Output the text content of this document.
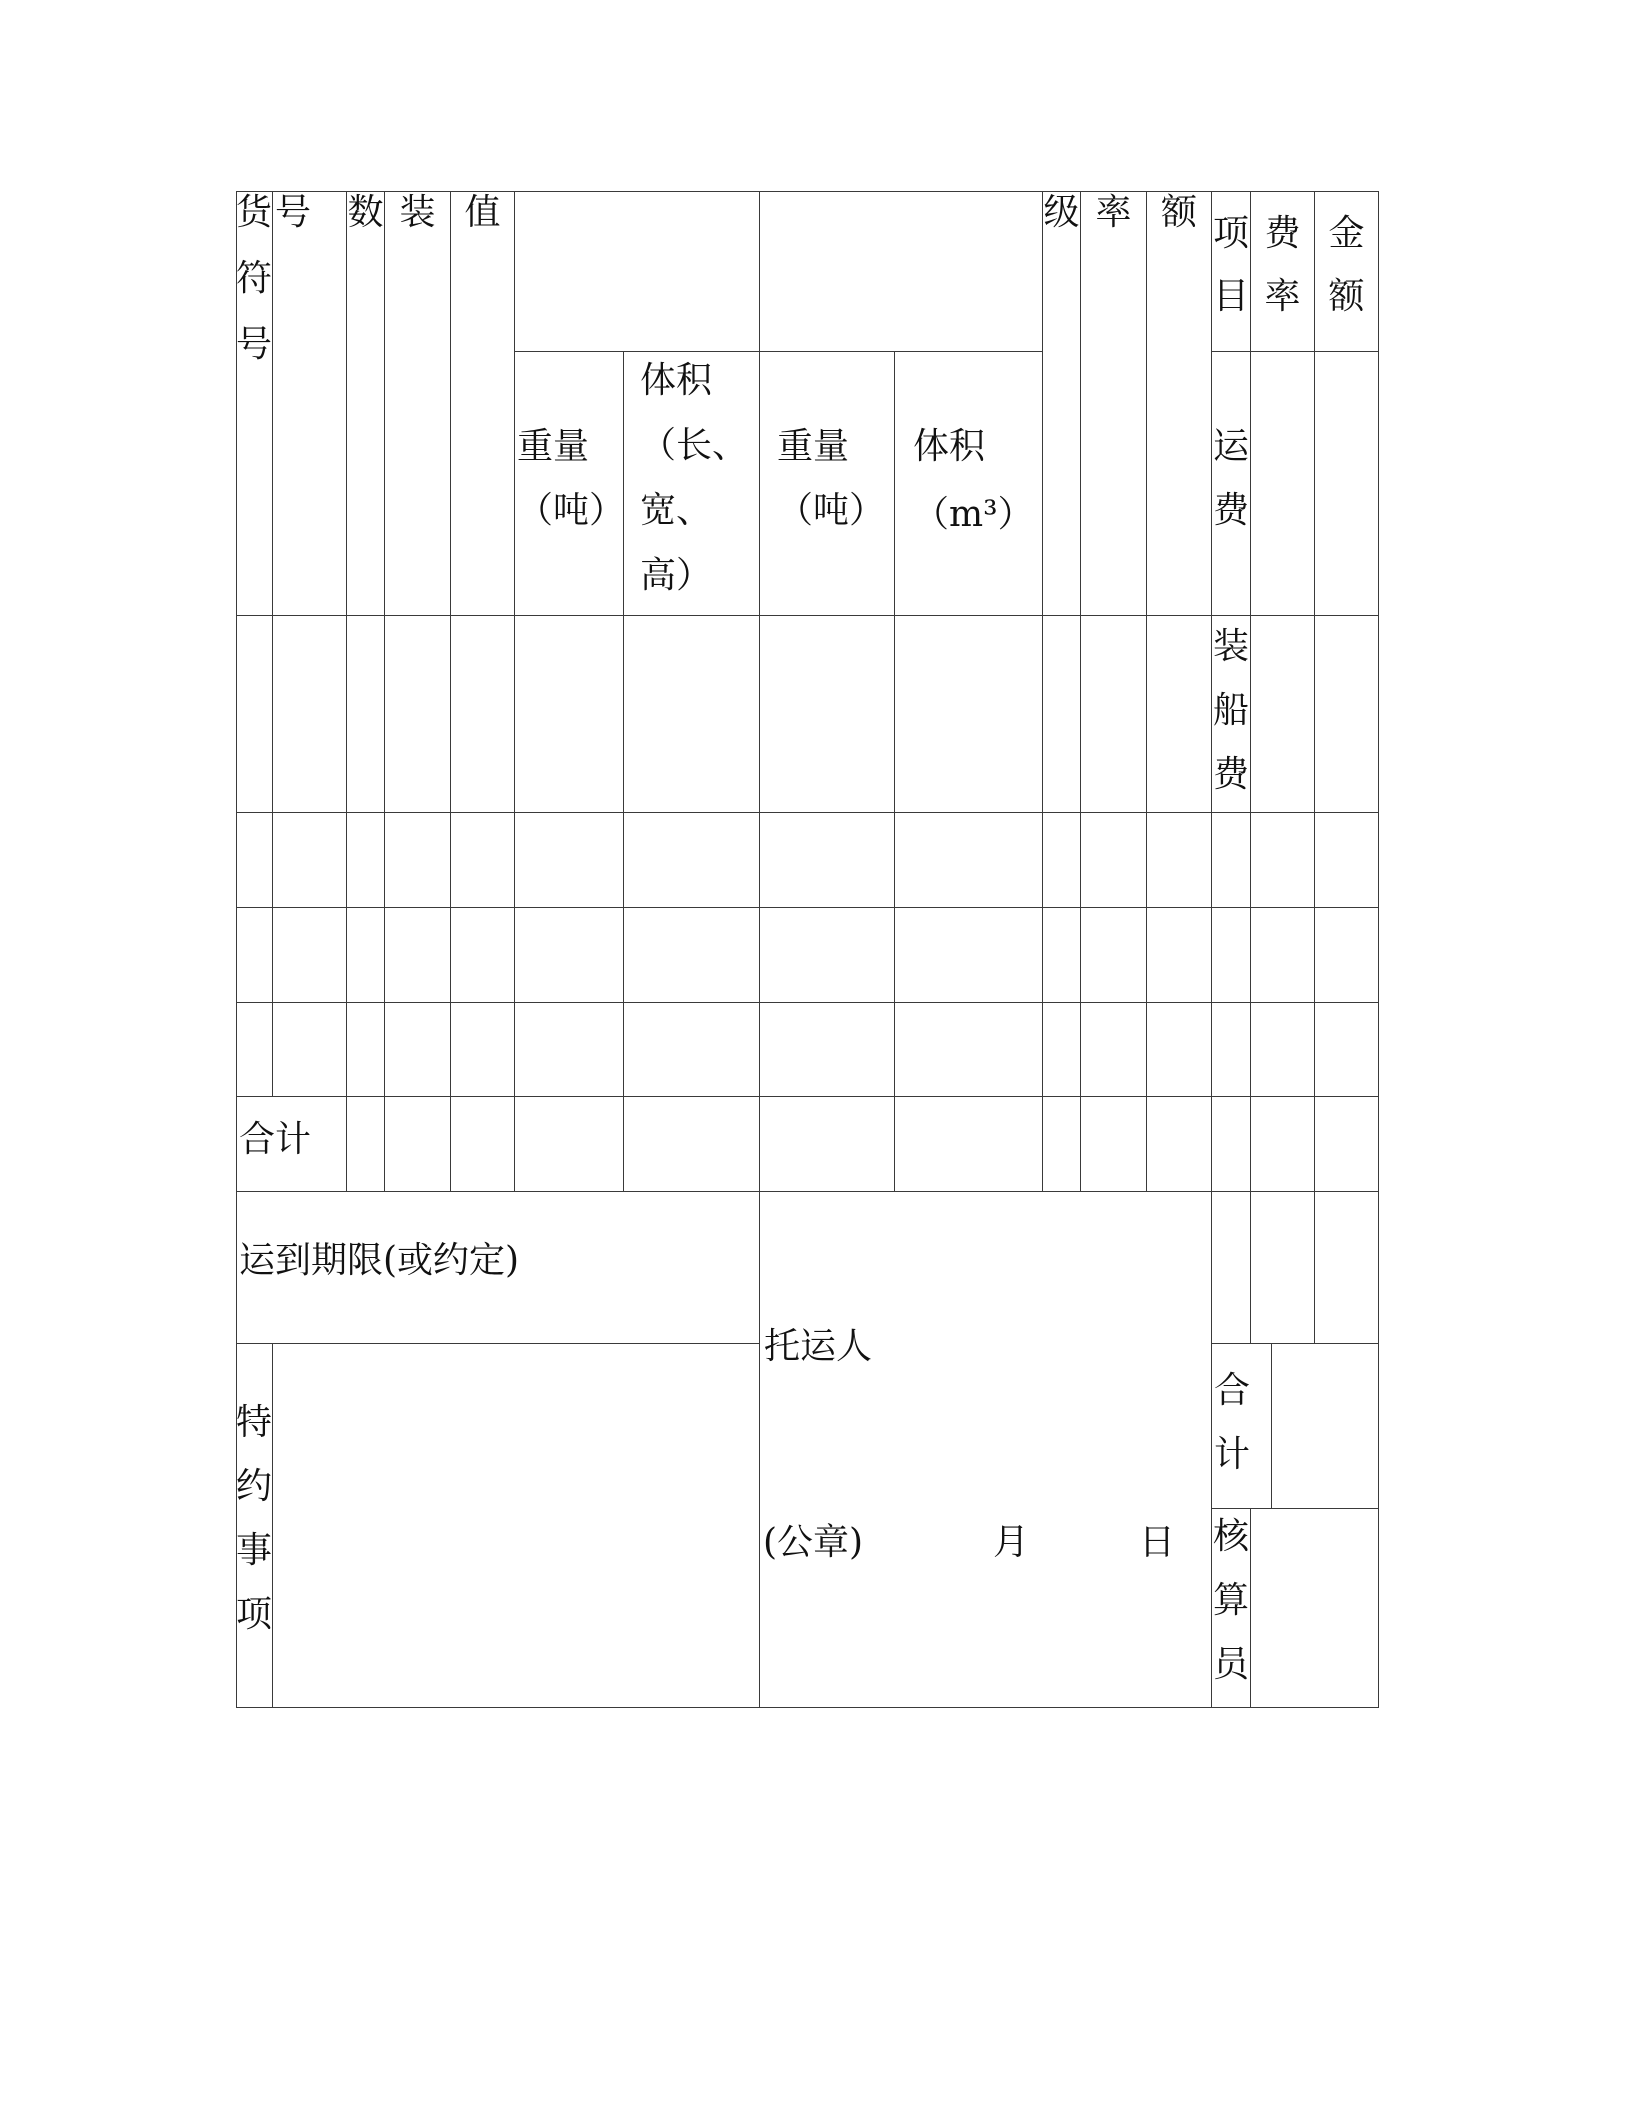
货符号
号 数 装 值
重量
（吨）
体积
（长、
宽、
高）
重量
（吨）
体积
（m³）
级 率 额
项目
费率
金额
运费
装船费
合计
运到期限(或约定)
托运人
(公章)	月	日
特约事项
合计
核算员
